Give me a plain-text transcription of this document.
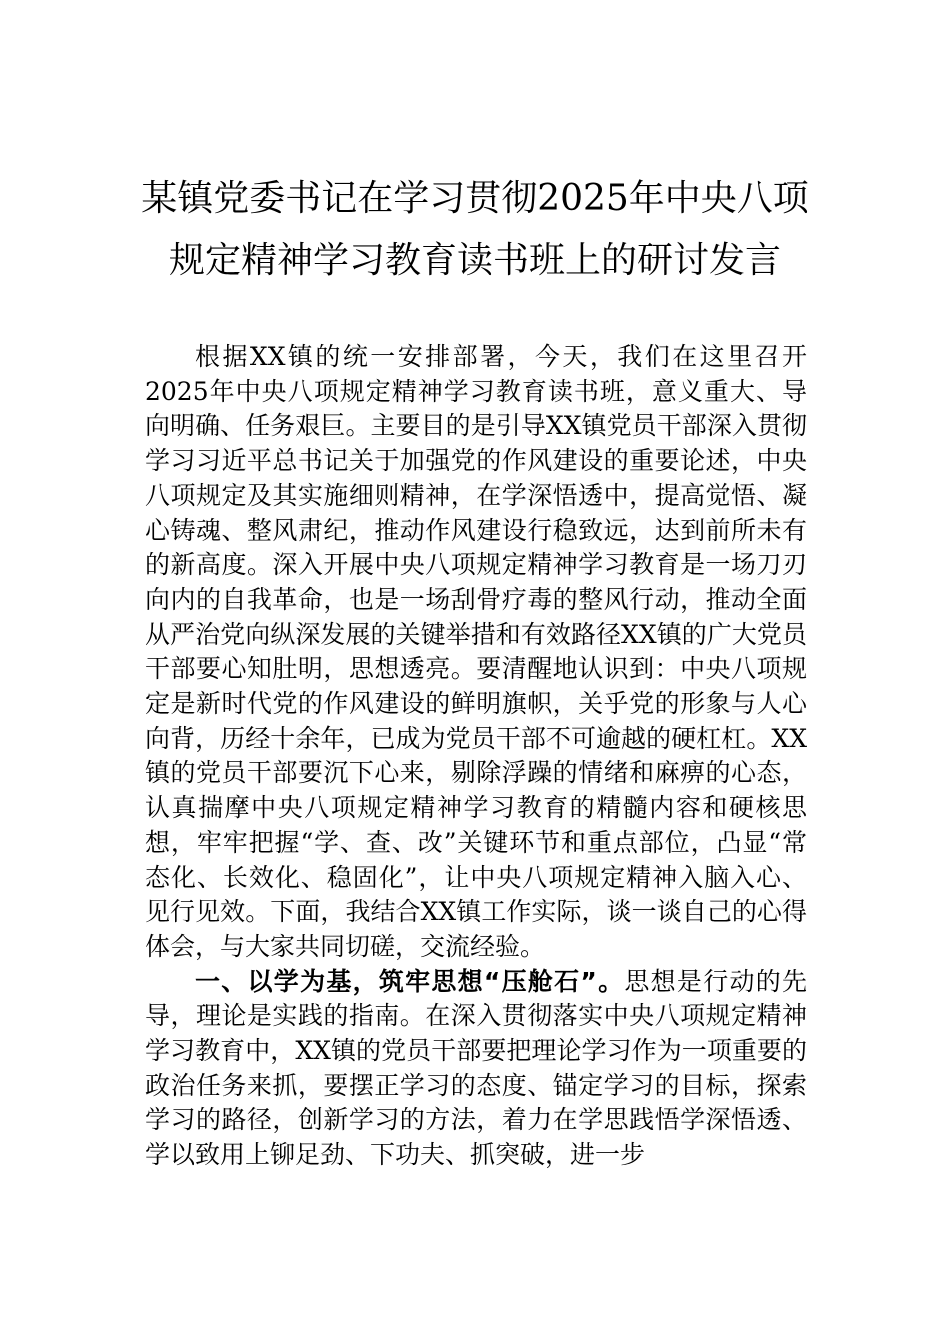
某镇党委书记在学习贯彻2025年中央八项
规定精神学习教育读书班上的研讨发言

根据XX镇的统一安排部署，今天，我们在这里召开2025年中央八项规定精神学习教育读书班，意义重大、导向明确、任务艰巨。主要目的是引导XX镇党员干部深入贯彻学习习近平总书记关于加强党的作风建设的重要论述，中央八项规定及其实施细则精神，在学深悟透中，提高觉悟、凝心铸魂、整风肃纪，推动作风建设行稳致远，达到前所未有的新高度。深入开展中央八项规定精神学习教育是一场刀刃向内的自我革命，也是一场刮骨疗毒的整风行动，推动全面从严治党向纵深发展的关键举措和有效路径XX镇的广大党员干部要心知肚明，思想透亮。要清醒地认识到：中央八项规定是新时代党的作风建设的鲜明旗帜，关乎党的形象与人心向背，历经十余年，已成为党员干部不可逾越的硬杠杠。XX镇的党员干部要沉下心来，剔除浮躁的情绪和麻痹的心态，认真揣摩中央八项规定精神学习教育的精髓内容和硬核思想，牢牢把握“学、查、改”关键环节和重点部位，凸显“常态化、长效化、稳固化”，让中央八项规定精神入脑入心、见行见效。下面，我结合XX镇工作实际，谈一谈自己的心得体会，与大家共同切磋，交流经验。

一、以学为基，筑牢思想“压舱石”。思想是行动的先导，理论是实践的指南。在深入贯彻落实中央八项规定精神学习教育中，XX镇的党员干部要把理论学习作为一项重要的政治任务来抓，要摆正学习的态度、锚定学习的目标，探索学习的路径，创新学习的方法，着力在学思践悟学深悟透、学以致用上铆足劲、下功夫、抓突破，进一步
